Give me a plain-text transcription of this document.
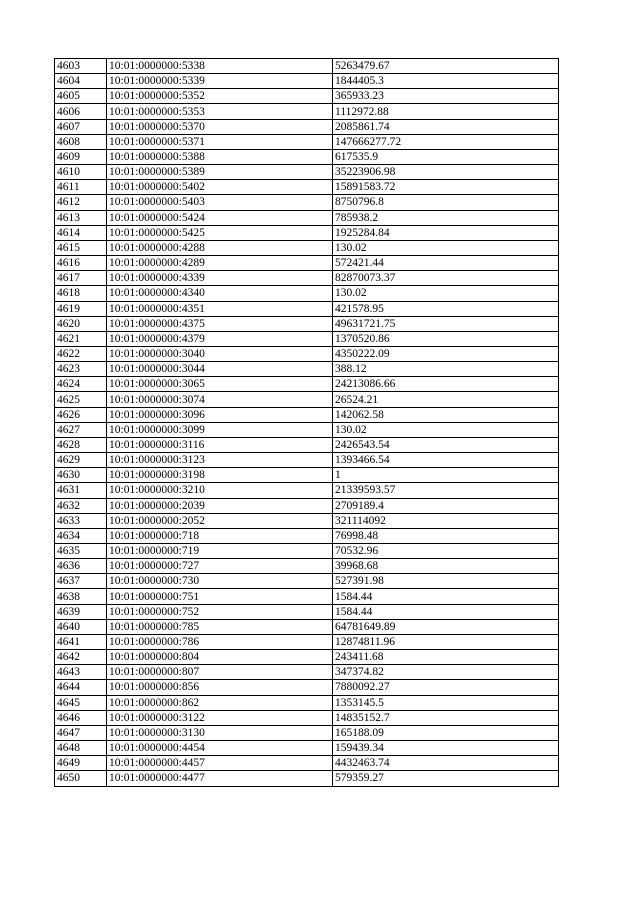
4603	10:01:0000000:5338	5263479.67
4604	10:01:0000000:5339	1844405.3
4605	10:01:0000000:5352	365933.23
4606	10:01:0000000:5353	1112972.88
4607	10:01:0000000:5370	2085861.74
4608	10:01:0000000:5371	147666277.72
4609	10:01:0000000:5388	617535.9
4610	10:01:0000000:5389	35223906.98
4611	10:01:0000000:5402	15891583.72
4612	10:01:0000000:5403	8750796.8
4613	10:01:0000000:5424	785938.2
4614	10:01:0000000:5425	1925284.84
4615	10:01:0000000:4288	130.02
4616	10:01:0000000:4289	572421.44
4617	10:01:0000000:4339	82870073.37
4618	10:01:0000000:4340	130.02
4619	10:01:0000000:4351	421578.95
4620	10:01:0000000:4375	49631721.75
4621	10:01:0000000:4379	1370520.86
4622	10:01:0000000:3040	4350222.09
4623	10:01:0000000:3044	388.12
4624	10:01:0000000:3065	24213086.66
4625	10:01:0000000:3074	26524.21
4626	10:01:0000000:3096	142062.58
4627	10:01:0000000:3099	130.02
4628	10:01:0000000:3116	2426543.54
4629	10:01:0000000:3123	1393466.54
4630	10:01:0000000:3198	1
4631	10:01:0000000:3210	21339593.57
4632	10:01:0000000:2039	2709189.4
4633	10:01:0000000:2052	321114092
4634	10:01:0000000:718	76998.48
4635	10:01:0000000:719	70532.96
4636	10:01:0000000:727	39968.68
4637	10:01:0000000:730	527391.98
4638	10:01:0000000:751	1584.44
4639	10:01:0000000:752	1584.44
4640	10:01:0000000:785	64781649.89
4641	10:01:0000000:786	12874811.96
4642	10:01:0000000:804	243411.68
4643	10:01:0000000:807	347374.82
4644	10:01:0000000:856	7880092.27
4645	10:01:0000000:862	1353145.5
4646	10:01:0000000:3122	14835152.7
4647	10:01:0000000:3130	165188.09
4648	10:01:0000000:4454	159439.34
4649	10:01:0000000:4457	4432463.74
4650	10:01:0000000:4477	579359.27
